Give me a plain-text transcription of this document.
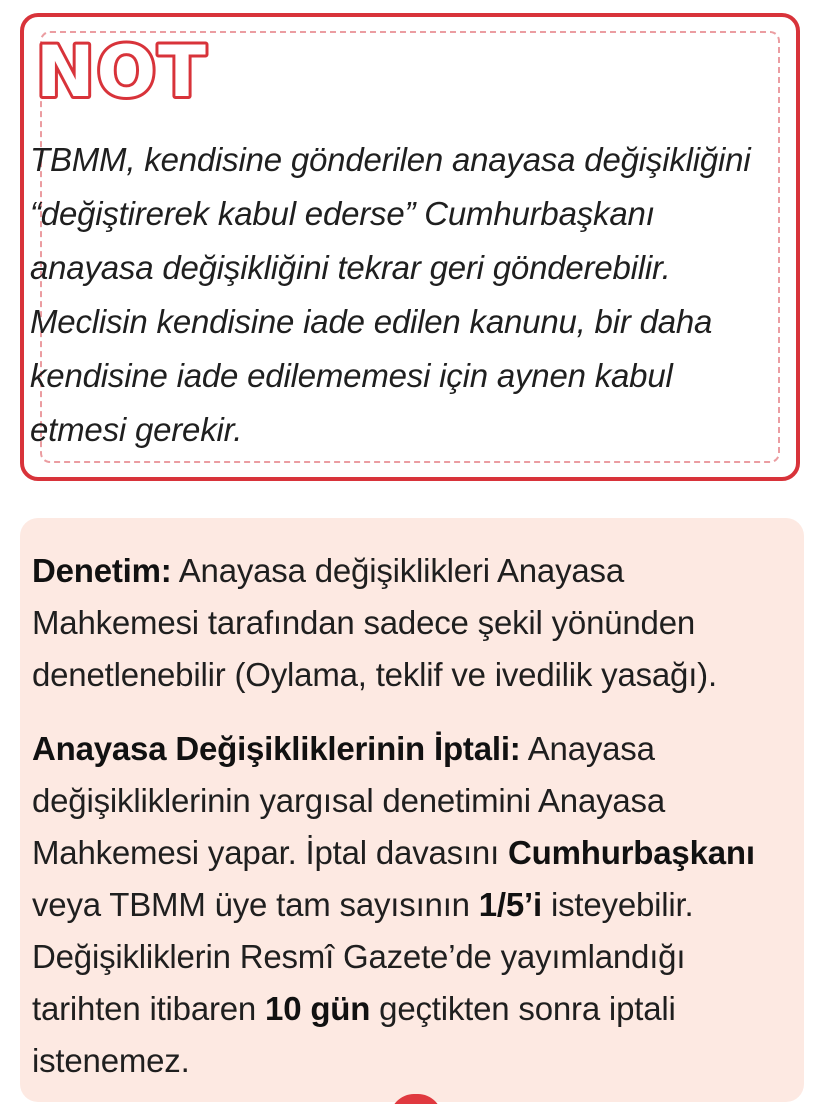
NOT

TBMM, kendisine gönderilen anayasa değişikliğini “değiştirerek kabul ederse” Cumhurbaşkanı anayasa değişikliğini tekrar geri gönderebilir. Meclisin kendisine iade edilen kanunu, bir daha kendisine iade edilememesi için aynen kabul etmesi gerekir.

Denetim: Anayasa değişiklikleri Anayasa Mahkemesi tarafından sadece şekil yönünden denetlenebilir (Oylama, teklif ve ivedilik yasağı).

Anayasa Değişikliklerinin İptali: Anayasa değişikliklerinin yargısal denetimini Anayasa Mahkemesi yapar. İptal davasını Cumhurbaşkanı veya TBMM üye tam sayısının 1/5’i isteyebilir. Değişikliklerin Resmî Gazete’de yayımlandığı tarihten itibaren 10 gün geçtikten sonra iptali istenemez.
